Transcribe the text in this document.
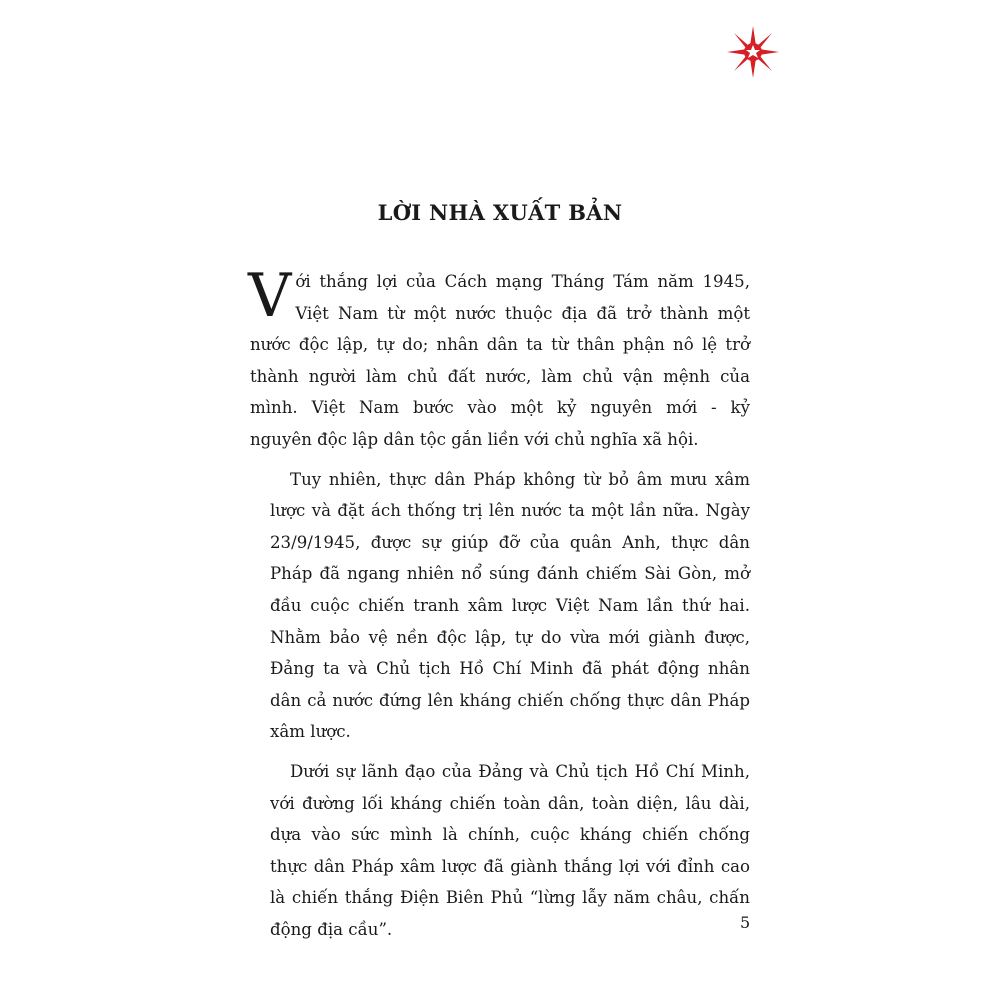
LỜI NHÀ XUẤT BẢN
V ới thắng lợi của Cách mạng Tháng Tám năm 1945,
Việt Nam từ một nước thuộc địa đã trở thành một
nước độc lập, tự do; nhân dân ta từ thân phận nô lệ trở
thành người làm chủ đất nước, làm chủ vận mệnh của
mình. Việt Nam bước vào một kỷ nguyên mới - kỷ
nguyên độc lập dân tộc gắn liền với chủ nghĩa xã hội.
Tuy nhiên, thực dân Pháp không từ bỏ âm mưu xâm
lược và đặt ách thống trị lên nước ta một lần nữa. Ngày
23/9/1945, được sự giúp đỡ của quân Anh, thực dân
Pháp đã ngang nhiên nổ súng đánh chiếm Sài Gòn, mở
đầu cuộc chiến tranh xâm lược Việt Nam lần thứ hai.
Nhằm bảo vệ nền độc lập, tự do vừa mới giành được,
Đảng ta và Chủ tịch Hồ Chí Minh đã phát động nhân
dân cả nước đứng lên kháng chiến chống thực dân Pháp
xâm lược.
Dưới sự lãnh đạo của Đảng và Chủ tịch Hồ Chí Minh,
với đường lối kháng chiến toàn dân, toàn diện, lâu dài,
dựa vào sức mình là chính, cuộc kháng chiến chống
thực dân Pháp xâm lược đã giành thắng lợi với đỉnh cao
là chiến thắng Điện Biên Phủ “lừng lẫy năm châu, chấn
động địa cầu”.	5
